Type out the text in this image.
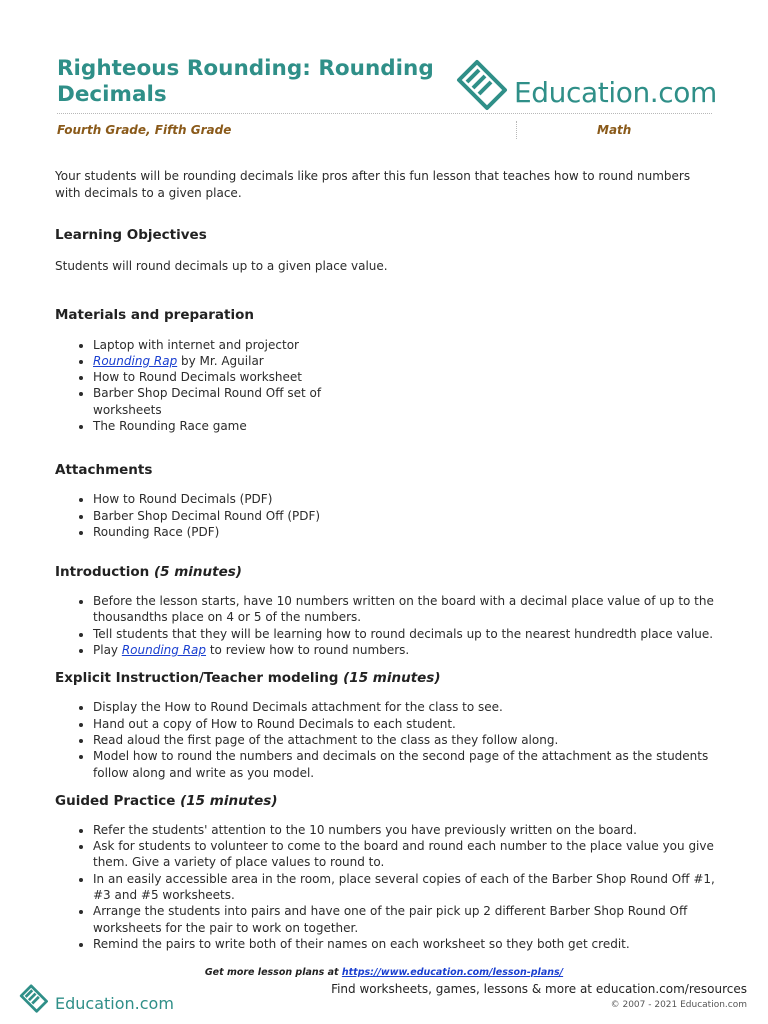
Righteous Rounding: Rounding Decimals	Education.com
Fourth Grade, Fifth Grade	Math

Your students will be rounding decimals like pros after this fun lesson that teaches how to round numbers with decimals to a given place.

Learning Objectives

Students will round decimals up to a given place value.

Materials and preparation
• Laptop with internet and projector
• Rounding Rap by Mr. Aguilar
• How to Round Decimals worksheet
• Barber Shop Decimal Round Off set of worksheets
• The Rounding Race game
Attachments
• How to Round Decimals (PDF)
• Barber Shop Decimal Round Off (PDF)
• Rounding Race (PDF)
Introduction (5 minutes)
• Before the lesson starts, have 10 numbers written on the board with a decimal place value of up to the thousandths place on 4 or 5 of the numbers.
• Tell students that they will be learning how to round decimals up to the nearest hundredth place value.
• Play Rounding Rap to review how to round numbers.
Explicit Instruction/Teacher modeling (15 minutes)
• Display the How to Round Decimals attachment for the class to see.
• Hand out a copy of How to Round Decimals to each student.
• Read aloud the first page of the attachment to the class as they follow along.
• Model how to round the numbers and decimals on the second page of the attachment as the students follow along and write as you model.
Guided Practice (15 minutes)
• Refer the students' attention to the 10 numbers you have previously written on the board.
• Ask for students to volunteer to come to the board and round each number to the place value you give them. Give a variety of place values to round to.
• In an easily accessible area in the room, place several copies of each of the Barber Shop Round Off #1, #3 and #5 worksheets.
• Arrange the students into pairs and have one of the pair pick up 2 different Barber Shop Round Off worksheets for the pair to work on together.
• Remind the pairs to write both of their names on each worksheet so they both get credit.
Get more lesson plans at https://www.education.com/lesson-plans/
Education.com
Find worksheets, games, lessons & more at education.com/resources
© 2007 - 2021 Education.com
